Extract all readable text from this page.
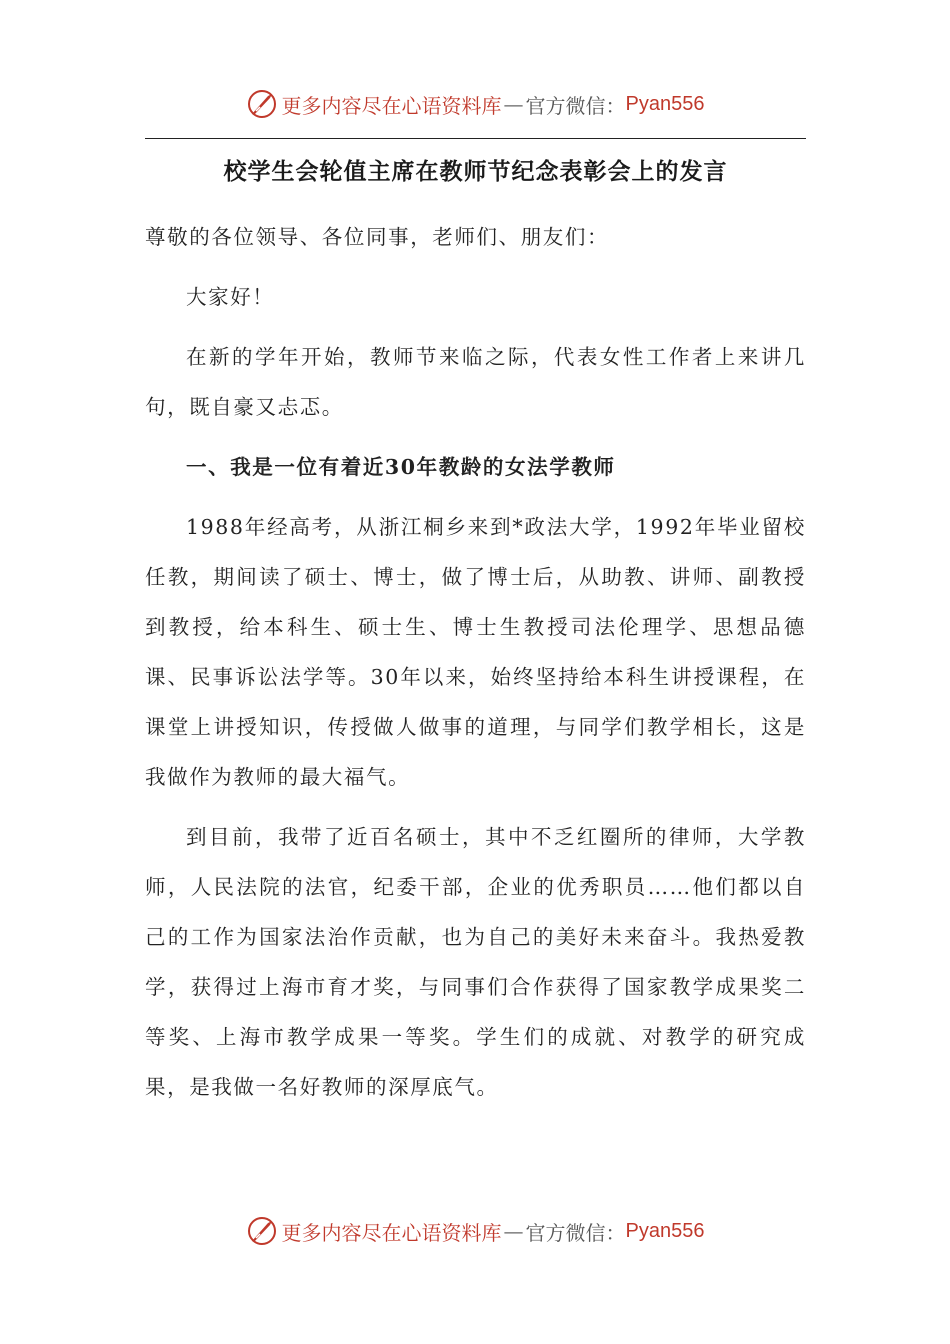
更多内容尽在心语资料库 — 官方微信： Pyan556
校学生会轮值主席在教师节纪念表彰会上的发言

尊敬的各位领导、各位同事，老师们、朋友们：

大家好！

在新的学年开始，教师节来临之际，代表女性工作者上来讲几句，既自豪又忐忑。

一、我是一位有着近30年教龄的女法学教师

1988年经高考，从浙江桐乡来到*政法大学，1992年毕业留校任教，期间读了硕士、博士，做了博士后，从助教、讲师、副教授到教授，给本科生、硕士生、博士生教授司法伦理学、思想品德课、民事诉讼法学等。30年以来，始终坚持给本科生讲授课程，在课堂上讲授知识，传授做人做事的道理，与同学们教学相长，这是我做作为教师的最大福气。

到目前，我带了近百名硕士，其中不乏红圈所的律师，大学教师，人民法院的法官，纪委干部，企业的优秀职员……他们都以自己的工作为国家法治作贡献，也为自己的美好未来奋斗。我热爱教学，获得过上海市育才奖，与同事们合作获得了国家教学成果奖二等奖、上海市教学成果一等奖。学生们的成就、对教学的研究成果，是我做一名好教师的深厚底气。

更多内容尽在心语资料库 — 官方微信： Pyan556
